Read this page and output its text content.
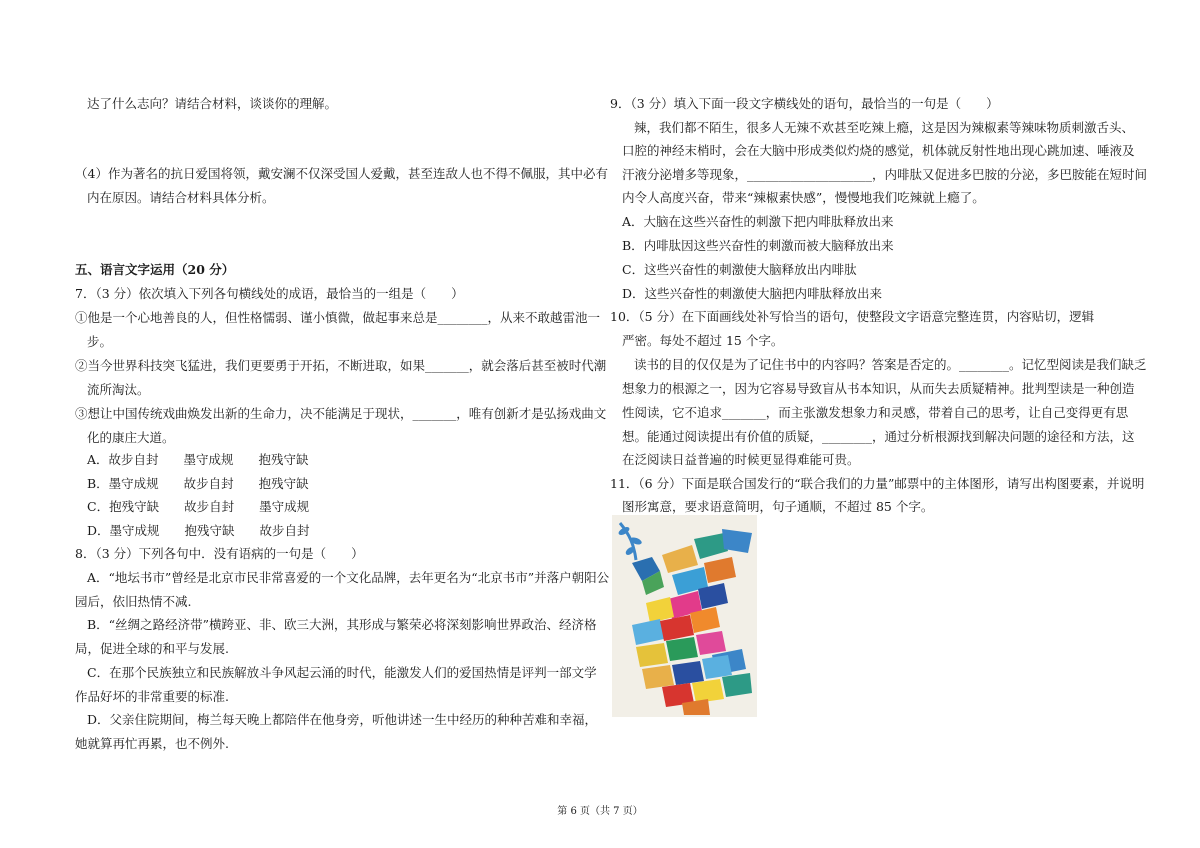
达了什么志向？请结合材料，谈谈你的理解。
（4）作为著名的抗日爱国将领，戴安澜不仅深受国人爱戴，甚至连敌人也不得不佩服，其中必有
内在原因。请结合材料具体分析。
五、语言文字运用（20 分）
7．（3 分）依次填入下列各句横线处的成语，最恰当的一组是（　　）
①他是一个心地善良的人，但性格懦弱、谨小慎微，做起事来总是________，从来不敢越雷池一
步。
②当今世界科技突飞猛进，我们更要勇于开拓，不断进取，如果_______，就会落后甚至被时代潮
流所淘汰。
③想让中国传统戏曲焕发出新的生命力，决不能满足于现状，_______，唯有创新才是弘扬戏曲文
化的康庄大道。
A．故步自封　　墨守成规　　抱残守缺
B．墨守成规　　故步自封　　抱残守缺
C．抱残守缺　　故步自封　　墨守成规
D．墨守成规　　抱残守缺　　故步自封
8．（3 分）下列各句中．没有语病的一句是（　　）
A．“地坛书市”曾经是北京市民非常喜爱的一个文化品牌，去年更名为“北京书市”并落户朝阳公
园后，依旧热情不减.
B．“丝绸之路经济带”横跨亚、非、欧三大洲，其形成与繁荣必将深刻影响世界政治、经济格
局，促进全球的和平与发展.
C．在那个民族独立和民族解放斗争风起云涌的时代，能激发人们的爱国热情是评判一部文学
作品好坏的非常重要的标准.
D．父亲住院期间，梅兰每天晚上都陪伴在他身旁，听他讲述一生中经历的种种苦难和幸福，
她就算再忙再累，也不例外.
9．（3 分）填入下面一段文字横线处的语句，最恰当的一句是（　　）
辣，我们都不陌生，很多人无辣不欢甚至吃辣上瘾，这是因为辣椒素等辣味物质刺激舌头、
口腔的神经末梢时，会在大脑中形成类似灼烧的感觉，机体就反射性地出现心跳加速、唾液及
汗液分泌增多等现象，____________________，内啡肽又促进多巴胺的分泌，多巴胺能在短时间
内令人高度兴奋，带来“辣椒素快感”，慢慢地我们吃辣就上瘾了。
A．大脑在这些兴奋性的刺激下把内啡肽释放出来
B．内啡肽因这些兴奋性的刺激而被大脑释放出来
C．这些兴奋性的刺激使大脑释放出内啡肽
D．这些兴奋性的刺激使大脑把内啡肽释放出来
10．（5 分）在下面画线处补写恰当的语句，使整段文字语意完整连贯，内容贴切，逻辑
严密。每处不超过 15 个字。
读书的目的仅仅是为了记住书中的内容吗？答案是否定的。________。记忆型阅读是我们缺乏
想象力的根源之一，因为它容易导致盲从书本知识，从而失去质疑精神。批判型读是一种创造
性阅读，它不追求_______，而主张激发想象力和灵感，带着自己的思考，让自己变得更有思
想。能通过阅读提出有价值的质疑，________，通过分析根源找到解决问题的途径和方法，这
在泛阅读日益普遍的时候更显得难能可贵。
11．（6 分）下面是联合国发行的“联合我们的力量”邮票中的主体图形，请写出构图要素，并说明
图形寓意，要求语意简明，句子通顺，不超过 85 个字。
第 6 页（共 7 页）
